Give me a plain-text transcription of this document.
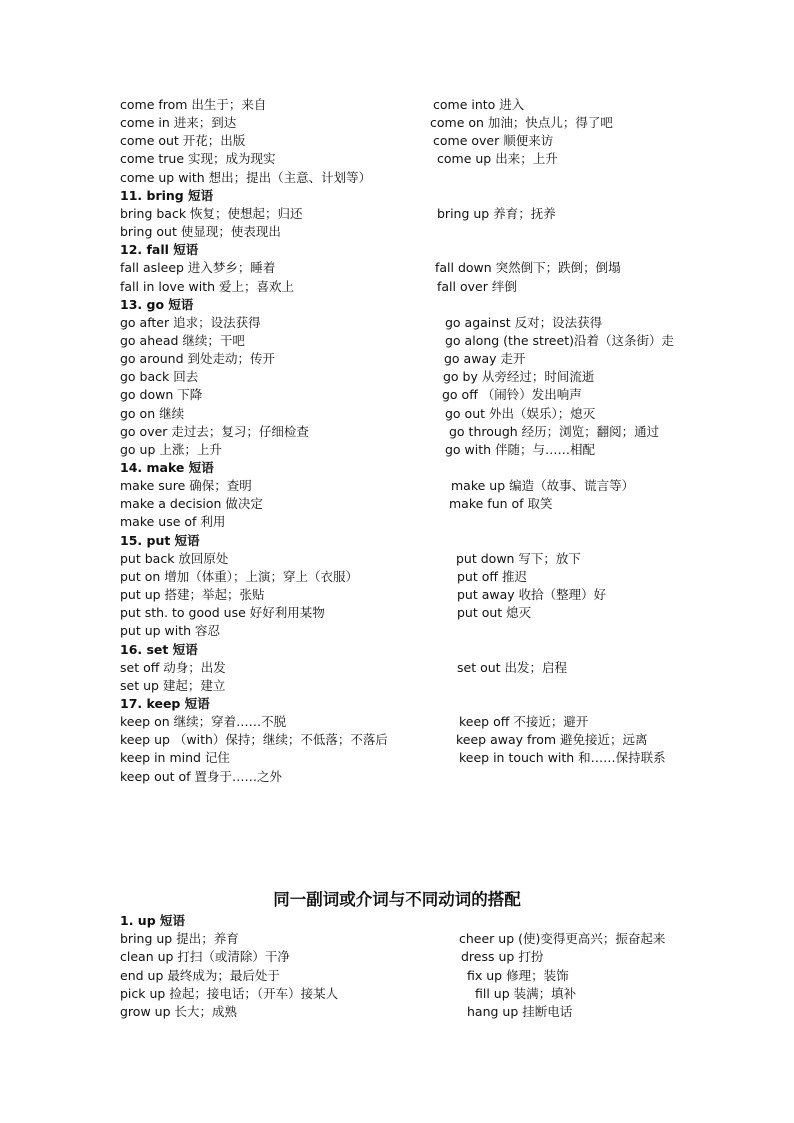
同一副词或介词与不同动词的搭配
come from 出生于；来自	come into 进入
come in 进来；到达	come on 加油；快点儿；得了吧
come out 开花；出版	come over 顺便来访
come true 实现；成为现实	come up 出来；上升
come up with 想出；提出（主意、计划等）
11. bring 短语
bring back 恢复；使想起；归还	bring up 养育；抚养
bring out 使显现；使表现出
12. fall 短语
fall asleep 进入梦乡；睡着	fall down 突然倒下；跌倒；倒塌
fall in love with 爱上；喜欢上	fall over 绊倒
13. go 短语
go after 追求；设法获得	go against 反对；设法获得
go ahead 继续；干吧	go along (the street)沿着（这条街）走
go around 到处走动；传开	go away 走开
go back 回去	go by 从旁经过；时间流逝
go down 下降	go off （闹铃）发出响声
go on 继续	go out 外出（娱乐）；熄灭
go over 走过去；复习；仔细检查	go through 经历；浏览；翻阅；通过
go up 上涨；上升	go with 伴随；与……相配
14. make 短语
make sure 确保；查明	make up 编造（故事、谎言等）
make a decision 做决定	make fun of 取笑
make use of 利用
15. put 短语
put back 放回原处	put down 写下；放下
put on 增加（体重）；上演；穿上（衣服）	put off 推迟
put up 搭建；举起；张贴	put away 收拾（整理）好
put sth. to good use 好好利用某物	put out 熄灭
put up with 容忍
16. set 短语
set off 动身；出发	set out 出发；启程
set up 建起；建立
17. keep 短语
keep on 继续；穿着……不脱	keep off 不接近；避开
keep up （with）保持；继续；不低落；不落后	keep away from 避免接近；远离
keep in mind 记住	keep in touch with 和……保持联系
keep out of 置身于……之外
1. up 短语
bring up 提出；养育	cheer up (使)变得更高兴；振奋起来
clean up 打扫（或清除）干净	dress up 打扮
end up 最终成为；最后处于	fix up 修理；装饰
pick up 捡起；接电话；（开车）接某人	fill up 装满；填补
grow up 长大；成熟	hang up 挂断电话
